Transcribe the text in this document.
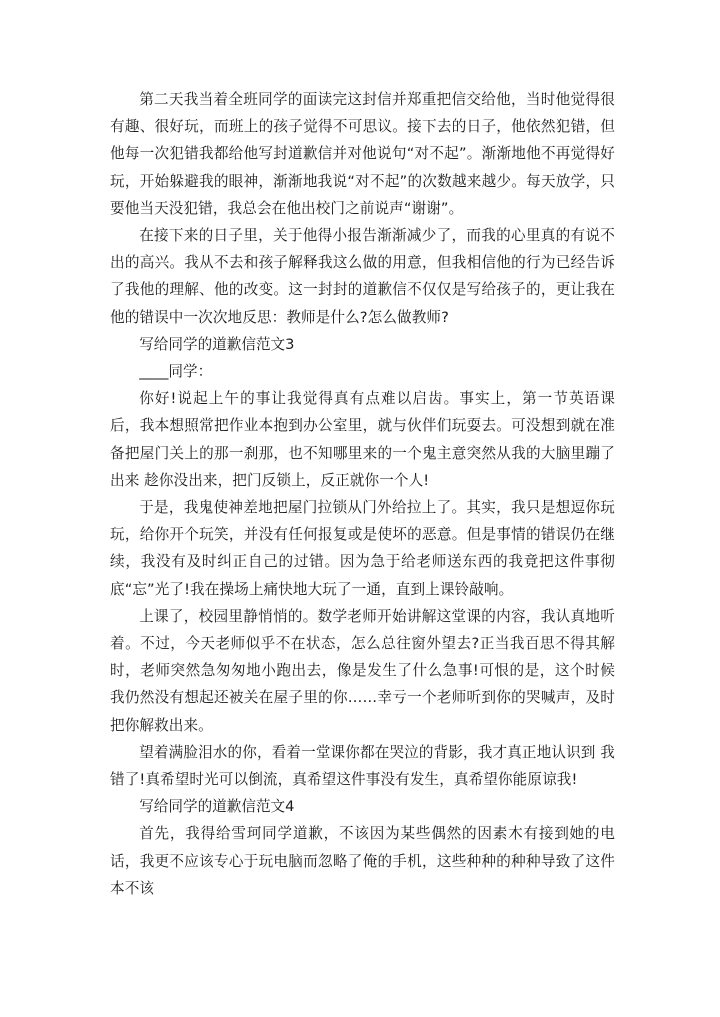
第二天我当着全班同学的面读完这封信并郑重把信交给他，当时他觉得很有趣、很好玩，而班上的孩子觉得不可思议。接下去的日子，他依然犯错，但他每一次犯错我都给他写封道歉信并对他说句“对不起”。渐渐地他不再觉得好玩，开始躲避我的眼神，渐渐地我说“对不起”的次数越来越少。每天放学，只要他当天没犯错，我总会在他出校门之前说声“谢谢”。

在接下来的日子里，关于他得小报告渐渐减少了，而我的心里真的有说不出的高兴。我从不去和孩子解释我这么做的用意，但我相信他的行为已经告诉了我他的理解、他的改变。这一封封的道歉信不仅仅是写给孩子的，更让我在他的错误中一次次地反思：教师是什么?怎么做教师?

写给同学的道歉信范文3

____同学：

你好!说起上午的事让我觉得真有点难以启齿。事实上，第一节英语课后，我本想照常把作业本抱到办公室里，就与伙伴们玩耍去。可没想到就在准备把屋门关上的那一刹那，也不知哪里来的一个鬼主意突然从我的大脑里蹦了出来 趁你没出来，把门反锁上，反正就你一个人!

于是，我鬼使神差地把屋门拉锁从门外给拉上了。其实，我只是想逗你玩玩，给你开个玩笑，并没有任何报复或是使坏的恶意。但是事情的错误仍在继续，我没有及时纠正自己的过错。因为急于给老师送东西的我竟把这件事彻底“忘”光了!我在操场上痛快地大玩了一通，直到上课铃敲响。

上课了，校园里静悄悄的。数学老师开始讲解这堂课的内容，我认真地听着。不过，今天老师似乎不在状态，怎么总往窗外望去?正当我百思不得其解时，老师突然急匆匆地小跑出去，像是发生了什么急事!可恨的是，这个时候我仍然没有想起还被关在屋子里的你……幸亏一个老师听到你的哭喊声，及时把你解救出来。

望着满脸泪水的你，看着一堂课你都在哭泣的背影，我才真正地认识到 我错了!真希望时光可以倒流，真希望这件事没有发生，真希望你能原谅我!

写给同学的道歉信范文4

首先，我得给雪珂同学道歉，不该因为某些偶然的因素木有接到她的电话，我更不应该专心于玩电脑而忽略了俺的手机，这些种种的种种导致了这件本不该
